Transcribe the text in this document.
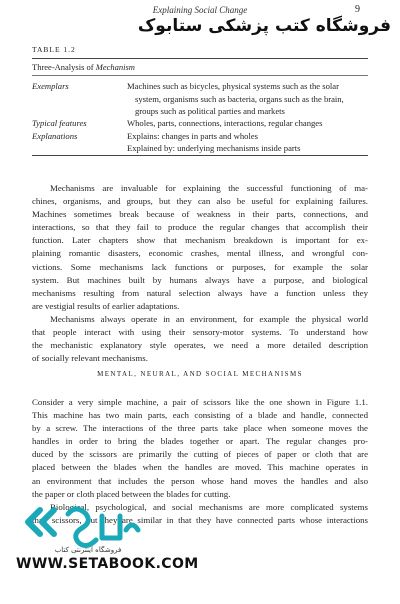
Explaining Social Change	9
فروشگاه کتب پزشکی ستابوک
TABLE 1.2
Three-Analysis of Mechanism
Exemplars	Machines such as bicycles, physical systems such as the solar
system, organisms such as bacteria, organs such as the brain,
groups such as political parties and markets
Typical features	Wholes, parts, connections, interactions, regular changes
Explanations	Explains: changes in parts and wholes
Explained by: underlying mechanisms inside parts
Mechanisms are invaluable for explaining the successful functioning of ma-
chines, organisms, and groups, but they can also be useful for explaining failures.
Machines sometimes break because of weakness in their parts, connections, and
interactions, so that they fail to produce the regular changes that accomplish their
function. Later chapters show that mechanism breakdown is important for ex-
plaining romantic disasters, economic crashes, mental illness, and wrongful con-
victions. Some mechanisms lack functions or purposes, for example the solar
system. But machines built by humans always have a purpose, and biological
mechanisms resulting from natural selection always have a function unless they
are vestigial results of earlier adaptations.
Mechanisms always operate in an environment, for example the physical world
that people interact with using their sensory-motor systems. To understand how
the mechanistic explanatory style operates, we need a more detailed description
of socially relevant mechanisms.
MENTAL, NEURAL, AND SOCIAL MECHANISMS
Consider a very simple machine, a pair of scissors like the one shown in Figure 1.1.
This machine has two main parts, each consisting of a blade and handle, connected
by a screw. The interactions of the three parts take place when someone moves the
handles in order to bring the blades together or apart. The regular changes pro-
duced by the scissors are primarily the cutting of pieces of paper or cloth that are
placed between the blades when the handles are moved. This machine operates in
an environment that includes the person whose hand moves the handles and also
the paper or cloth placed between the blades for cutting.
Biological, psychological, and social mechanisms are more complicated systems
than scissors, but they are similar in that they have connected parts whose interactions
فروشگاه اینترنتی کتاب
WWW.SETABOOK.COM
